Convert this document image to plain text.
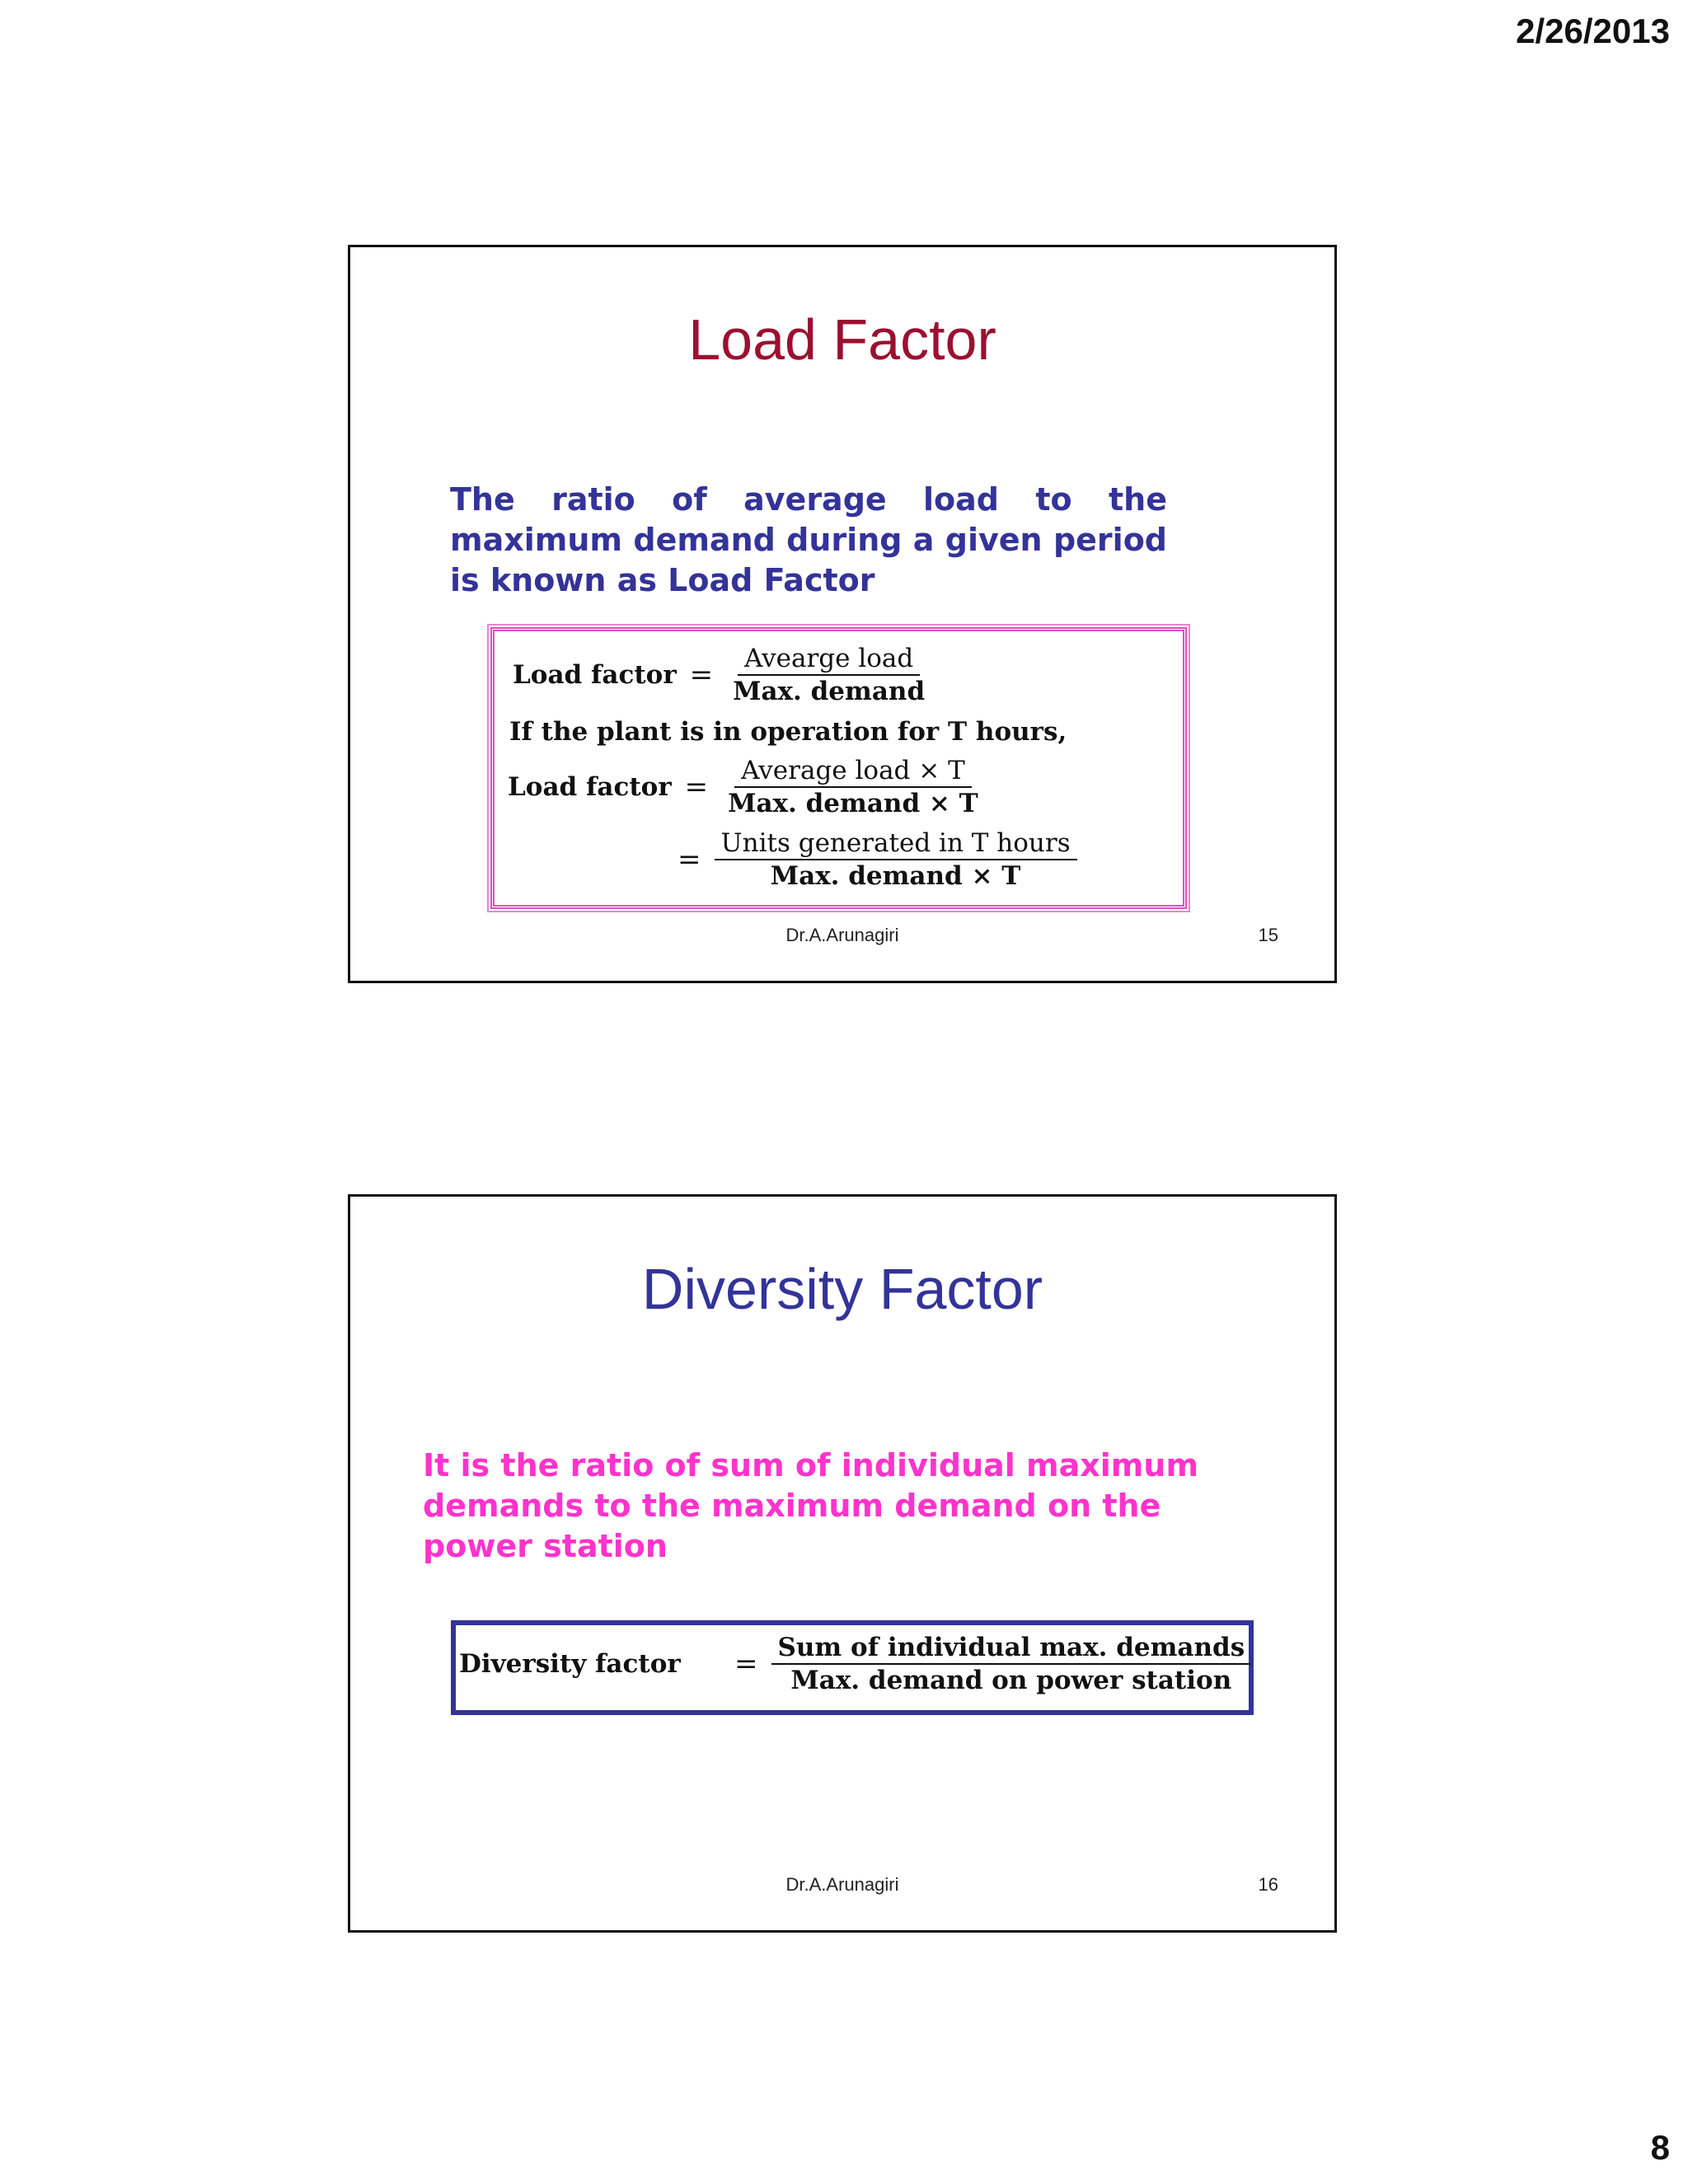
2/26/2013
Load Factor
The ratio of average load to the maximum demand during a given period is known as Load Factor
Load factor = $\frac{\text{Avearge load}}{\text{Max. demand}}$
If the plant is in operation for T hours,
Load factor = $\frac{\text{Average load × T}}{\text{Max. demand × T}}$
= $\frac{\text{Units generated in T hours}}{\text{Max. demand × T}}$
Dr.A.Arunagiri	15
Diversity Factor
It is the ratio of sum of individual maximum demands to the maximum demand on the power station
Diversity factor	= $\frac{\text{Sum of individual max. demands}}{\text{Max. demand on power station}}$
Dr.A.Arunagiri	16
8
